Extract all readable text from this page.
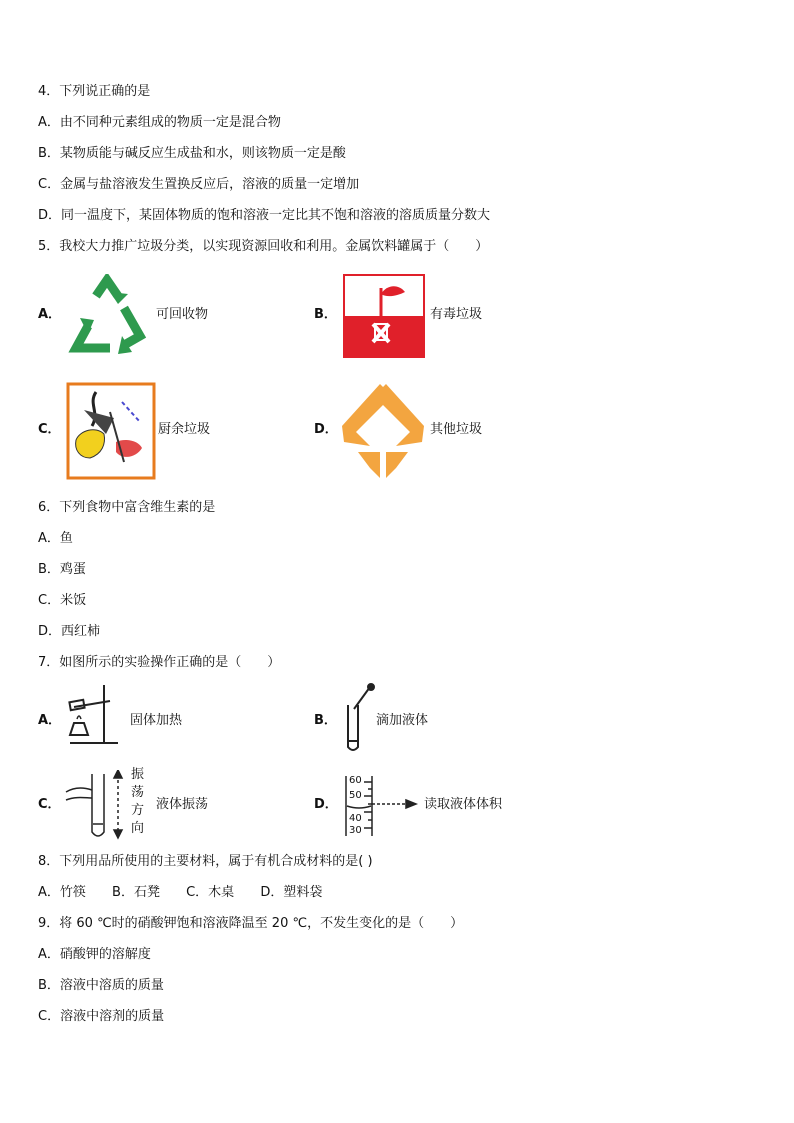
4．下列说正确的是
A．由不同种元素组成的物质一定是混合物
B．某物质能与碱反应生成盐和水，则该物质一定是酸
C．金属与盐溶液发生置换反应后，溶液的质量一定增加
D．同一温度下，某固体物质的饱和溶液一定比其不饱和溶液的溶质质量分数大
5．我校大力推广垃圾分类，以实现资源回收和利用。金属饮料罐属于（　　）
A．	可回收物	B．	有毒垃圾
C．	厨余垃圾	D．	其他垃圾
6．下列食物中富含维生素的是
A．鱼
B．鸡蛋
C．米饭
D．西红柿
7．如图所示的实验操作正确的是（　　）
A．	固体加热	B．	滴加液体
C．
振
荡
方
向
液体振荡	D．
60
50
40
30
读取液体体积
8．下列用品所使用的主要材料，属于有机合成材料的是( )
A．竹筷 B．石凳 C．木桌 D．塑料袋
9．将 60 ℃时的硝酸钾饱和溶液降温至 20 ℃，不发生变化的是（　　）
A．硝酸钾的溶解度
B．溶液中溶质的质量
C．溶液中溶剂的质量
